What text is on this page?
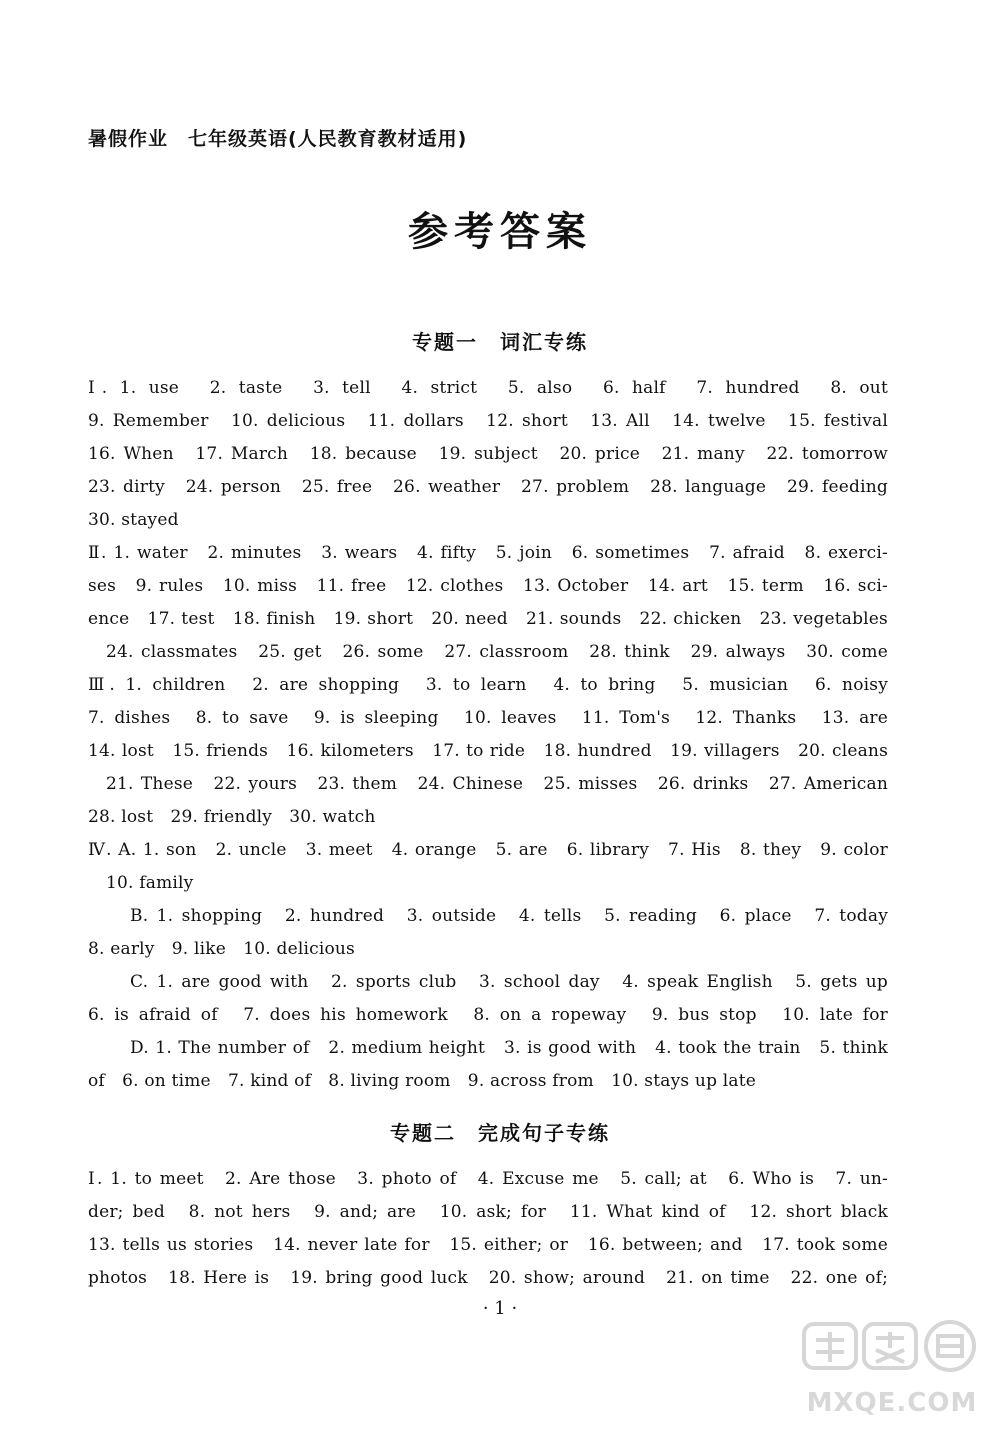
暑假作业　七年级英语(人民教育教材适用)
参考答案
专题一　词汇专练
Ⅰ. 1. use　2. taste　3. tell　4. strict　5. also　6. half　7. hundred　8. out
9. Remember　10. delicious　11. dollars　12. short　13. All　14. twelve　15. festival
16. When　17. March　18. because　19. subject　20. price　21. many　22. tomorrow
23. dirty　24. person　25. free　26. weather　27. problem　28. language　29. feeding
30. stayed
Ⅱ. 1. water　2. minutes　3. wears　4. fifty　5. join　6. sometimes　7. afraid　8. exerci-
ses　9. rules　10. miss　11. free　12. clothes　13. October　14. art　15. term　16. sci-
ence　17. test　18. finish　19. short　20. need　21. sounds　22. chicken　23. vegetables
24. classmates　25. get　26. some　27. classroom　28. think　29. always　30. come
Ⅲ. 1. children　2. are shopping　3. to learn　4. to bring　5. musician　6. noisy
7. dishes　8. to save　9. is sleeping　10. leaves　11. Tom's　12. Thanks　13. are
14. lost　15. friends　16. kilometers　17. to ride　18. hundred　19. villagers　20. cleans
21. These　22. yours　23. them　24. Chinese　25. misses　26. drinks　27. American
28. lost　29. friendly　30. watch
Ⅳ. A. 1. son　2. uncle　3. meet　4. orange　5. are　6. library　7. His　8. they　9. color
10. family
B. 1. shopping　2. hundred　3. outside　4. tells　5. reading　6. place　7. today
8. early　9. like　10. delicious
C. 1. are good with　2. sports club　3. school day　4. speak English　5. gets up
6. is afraid of　7. does his homework　8. on a ropeway　9. bus stop　10. late for
D. 1. The number of　2. medium height　3. is good with　4. took the train　5. think
of　6. on time　7. kind of　8. living room　9. across from　10. stays up late
专题二　完成句子专练
Ⅰ. 1. to meet　2. Are those　3. photo of　4. Excuse me　5. call; at　6. Who is　7. un-
der; bed　8. not hers　9. and; are　10. ask; for　11. What kind of　12. short black
13. tells us stories　14. never late for　15. either; or　16. between; and　17. took some
photos　18. Here is　19. bring good luck　20. show; around　21. on time　22. one of;
· 1 ·
MXQE.COM
